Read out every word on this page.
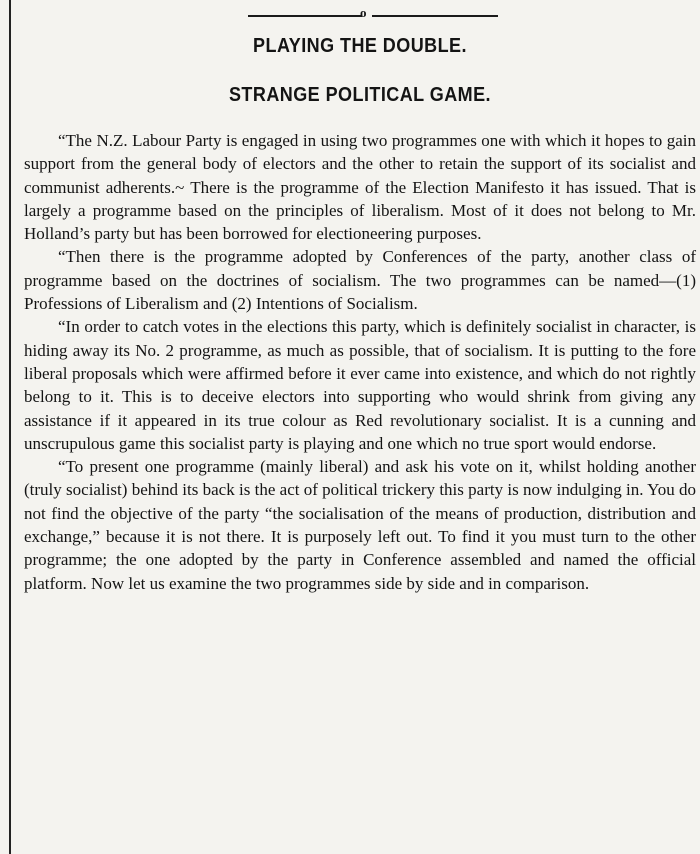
o
PLAYING THE DOUBLE.
STRANGE POLITICAL GAME.

“The N.Z. Labour Party is engaged in using two programmes one with which it hopes to gain support from the general body of electors and the other to retain the support of its socialist and communist adherents.~ There is the programme of the Election Manifesto it has issued. That is largely a programme based on the principles of liberalism. Most of it does not belong to Mr. Holland’s party but has been borrowed for electioneering purposes.

“Then there is the programme adopted by Conferences of the party, another class of programme based on the doctrines of socialism. The two programmes can be named—(1) Professions of Liberalism and (2) Intentions of Socialism.

“In order to catch votes in the elections this party, which is definitely socialist in character, is hiding away its No. 2 programme, as much as possible, that of socialism. It is putting to the fore liberal proposals which were affirmed before it ever came into existence, and which do not rightly belong to it. This is to deceive electors into supporting who would shrink from giving any assistance if it appeared in its true colour as Red revolutionary socialist. It is a cunning and unscrupulous game this socialist party is playing and one which no true sport would endorse.

“To present one programme (mainly liberal) and ask his vote on it, whilst holding another (truly socialist) behind its back is the act of political trickery this party is now indulging in. You do not find the objective of the party “the socialisation of the means of production, distribution and exchange,” because it is not there. It is purposely left out. To find it you must turn to the other programme; the one adopted by the party in Conference assembled and named the official platform. Now let us examine the two programmes side by side and in comparison.
